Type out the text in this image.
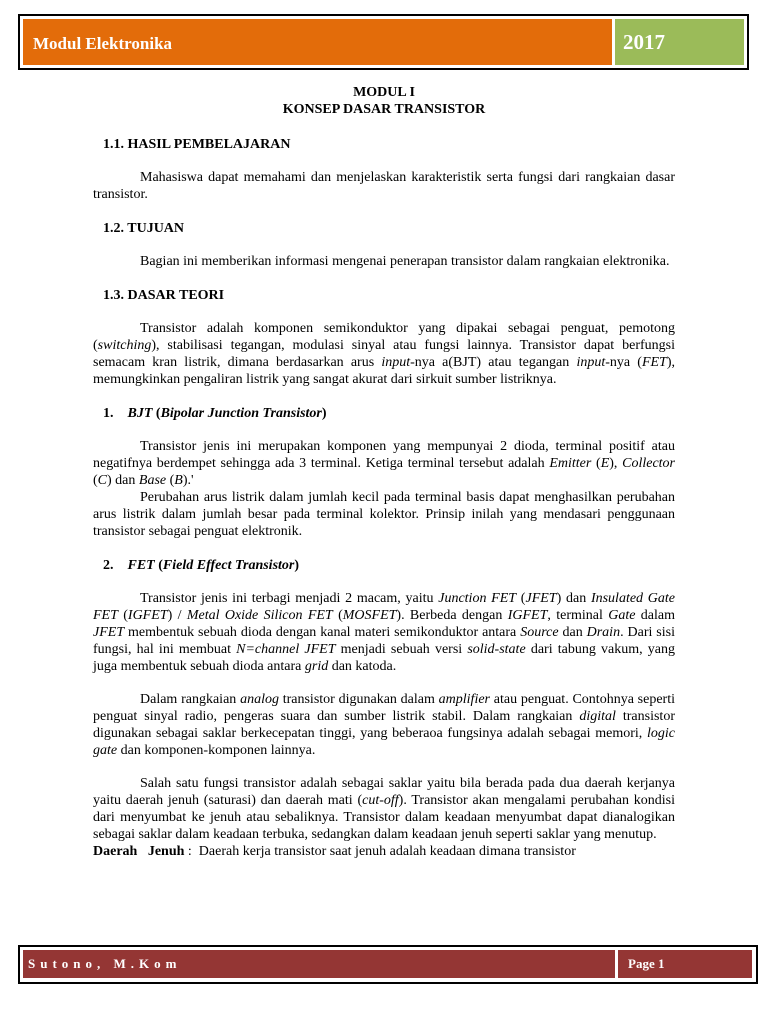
Modul Elektronika	2017
MODUL I
KONSEP DASAR TRANSISTOR
1.1. HASIL PEMBELAJARAN

Mahasiswa dapat memahami dan menjelaskan karakteristik serta fungsi dari rangkaian dasar transistor.

1.2. TUJUAN

Bagian ini memberikan informasi mengenai penerapan transistor dalam rangkaian elektronika.

1.3. DASAR TEORI

Transistor adalah komponen semikonduktor yang dipakai sebagai penguat, pemotong (switching), stabilisasi tegangan, modulasi sinyal atau fungsi lainnya. Transistor dapat berfungsi semacam kran listrik, dimana berdasarkan arus input-nya a(BJT) atau tegangan input-nya (FET), memungkinkan pengaliran listrik yang sangat akurat dari sirkuit sumber listriknya.

1. BJT (Bipolar Junction Transistor)

Transistor jenis ini merupakan komponen yang mempunyai 2 dioda, terminal positif atau negatifnya berdempet sehingga ada 3 terminal. Ketiga terminal tersebut adalah Emitter (E), Collector (C) dan Base (B).'

Perubahan arus listrik dalam jumlah kecil pada terminal basis dapat menghasilkan perubahan arus listrik dalam jumlah besar pada terminal kolektor. Prinsip inilah yang mendasari penggunaan transistor sebagai penguat elektronik.

2. FET (Field Effect Transistor)

Transistor jenis ini terbagi menjadi 2 macam, yaitu Junction FET (JFET) dan Insulated Gate FET (IGFET) / Metal Oxide Silicon FET (MOSFET). Berbeda dengan IGFET, terminal Gate dalam JFET membentuk sebuah dioda dengan kanal materi semikonduktor antara Source dan Drain. Dari sisi fungsi, hal ini membuat N=channel JFET menjadi sebuah versi solid-state dari tabung vakum, yang juga membentuk sebuah dioda antara grid dan katoda.

Dalam rangkaian analog transistor digunakan dalam amplifier atau penguat. Contohnya seperti penguat sinyal radio, pengeras suara dan sumber listrik stabil. Dalam rangkaian digital transistor digunakan sebagai saklar berkecepatan tinggi, yang beberaoa fungsinya adalah sebagai memori, logic gate dan komponen-komponen lainnya.

Salah satu fungsi transistor adalah sebagai saklar yaitu bila berada pada dua daerah kerjanya yaitu daerah jenuh (saturasi) dan daerah mati (cut-off). Transistor akan mengalami perubahan kondisi dari menyumbat ke jenuh atau sebaliknya. Transistor dalam keadaan menyumbat dapat dianalogikan sebagai saklar dalam keadaan terbuka, sedangkan dalam keadaan jenuh seperti saklar yang menutup.

Daerah   Jenuh :  Daerah kerja transistor saat jenuh adalah keadaan dimana transistor

Sutono, M.Kom	Page 1
